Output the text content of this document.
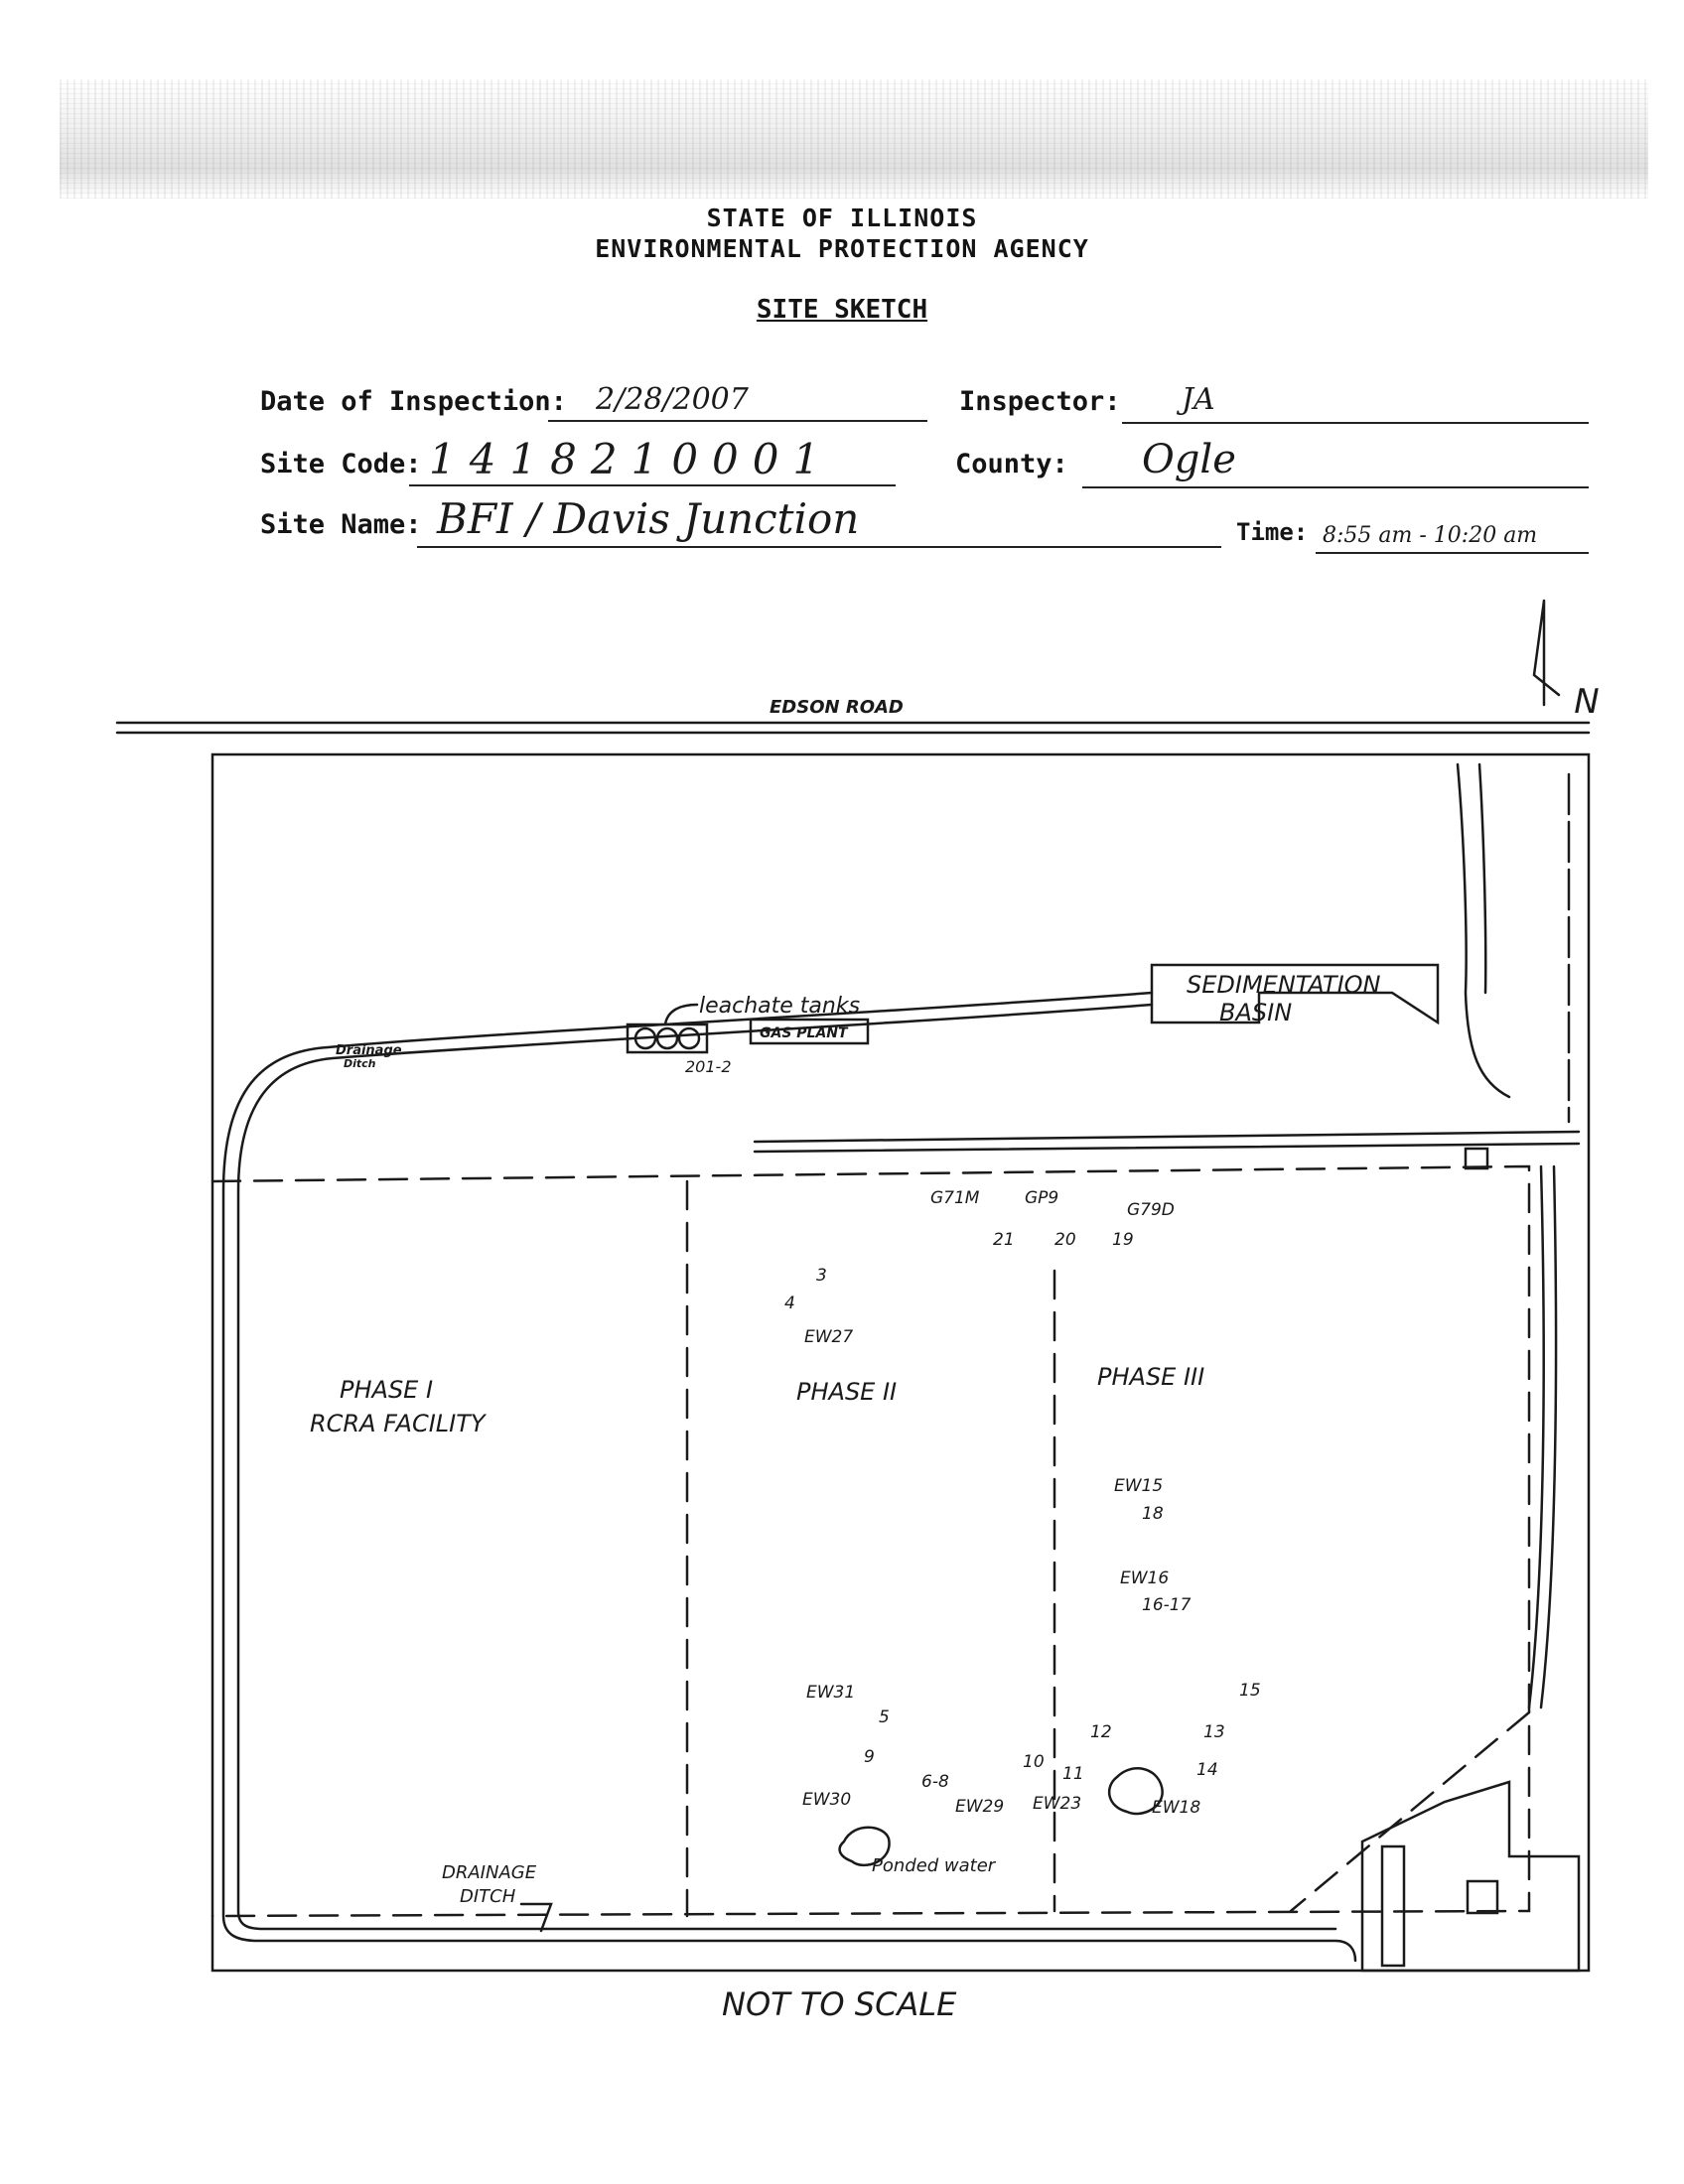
STATE OF ILLINOIS
ENVIRONMENTAL PROTECTION AGENCY
SITE SKETCH
Date of Inspection: 2/28/2007	Inspector: JA
Site Code: 1418210001	County: Ogle
Site Name: BFI / Davis Junction	Time: 8:55 am - 10:20 am
N
EDSON ROAD
SEDIMENTATION
BASIN
leachate tanks
GAS PLANT
201-2
Drainage
Ditch
PHASE I
RCRA FACILITY
PHASE II
PHASE III
G71M	GP9
G79D
21 20 19
3
4
EW27
EW15
18
EW16
16-17
EW31
5
15
9
6-8
10
11
12	13
14
EW30	EW29 EW23	EW18
Ponded water
DRAINAGE
DITCH
NOT TO SCALE
